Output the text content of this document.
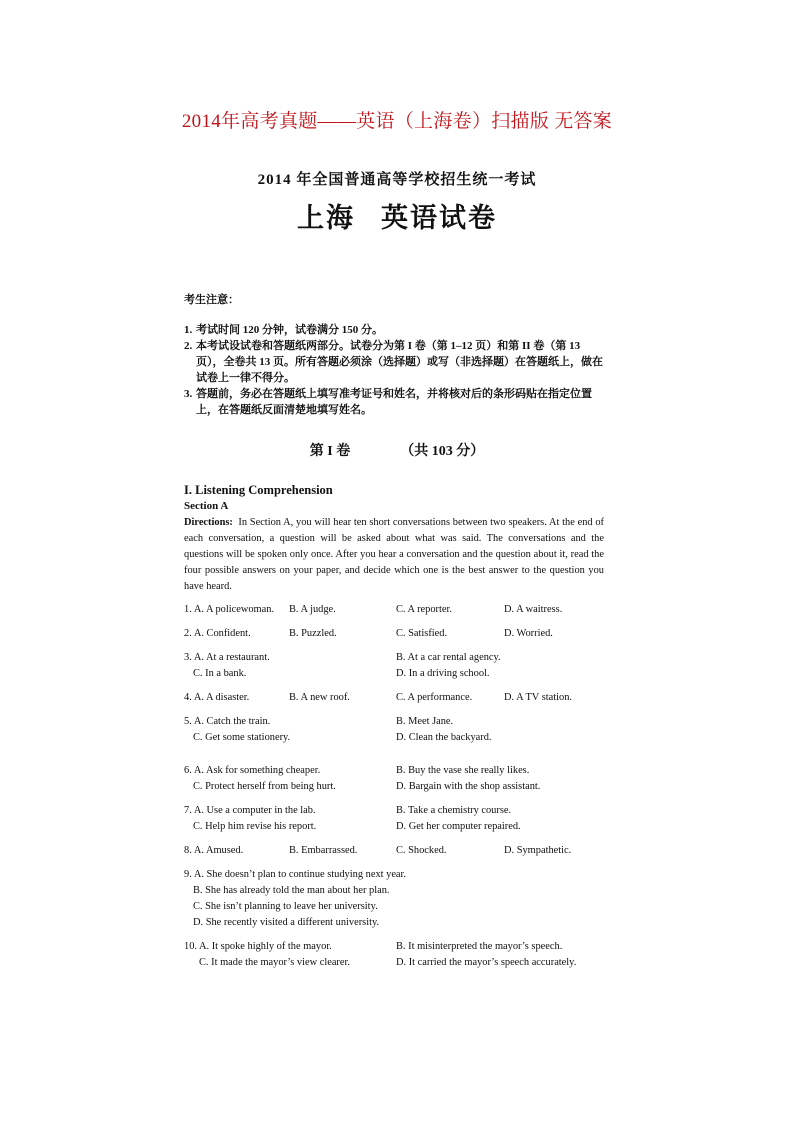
2014年高考真题——英语（上海卷）扫描版 无答案
2014 年全国普通高等学校招生统一考试
上海 英语试卷
考生注意：
1. 考试时间 120 分钟，试卷满分 150 分。
2. 本考试设试卷和答题纸两部分。试卷分为第 I 卷（第 1–12 页）和第 II 卷（第 13 页），全卷共 13 页。所有答题必须涂（选择题）或写（非选择题）在答题纸上，做在试卷上一律不得分。
3. 答题前，务必在答题纸上填写准考证号和姓名，并将核对后的条形码贴在指定位置上，在答题纸反面清楚地填写姓名。
第 I 卷	（共 103 分）
I. Listening Comprehension
Section A
Directions: In Section A, you will hear ten short conversations between two speakers. At the end of each conversation, a question will be asked about what was said. The conversations and the questions will be spoken only once. After you hear a conversation and the question about it, read the four possible answers on your paper, and decide which one is the best answer to the question you have heard.
1. A. A policewoman. B. A judge.	C. A reporter.	D. A waitress.
2. A. Confident.	B. Puzzled.	C. Satisfied.	D. Worried.
3. A. At a restaurant.	B. At a car rental agency.
C. In a bank.	D. In a driving school.
4. A. A disaster.	B. A new roof.	C. A performance.	D. A TV station.
5. A. Catch the train.	B. Meet Jane.
C. Get some stationery.	D. Clean the backyard.
6. A. Ask for something cheaper.	B. Buy the vase she really likes.
C. Protect herself from being hurt.	D. Bargain with the shop assistant.
7. A. Use a computer in the lab.	B. Take a chemistry course.
C. Help him revise his report.	D. Get her computer repaired.
8. A. Amused.	B. Embarrassed.	C. Shocked.	D. Sympathetic.
9. A. She doesn’t plan to continue studying next year.
B. She has already told the man about her plan.
C. She isn’t planning to leave her university.
D. She recently visited a different university.
10. A. It spoke highly of the mayor.	B. It misinterpreted the mayor’s speech.
C. It made the mayor’s view clearer.	D. It carried the mayor’s speech accurately.
